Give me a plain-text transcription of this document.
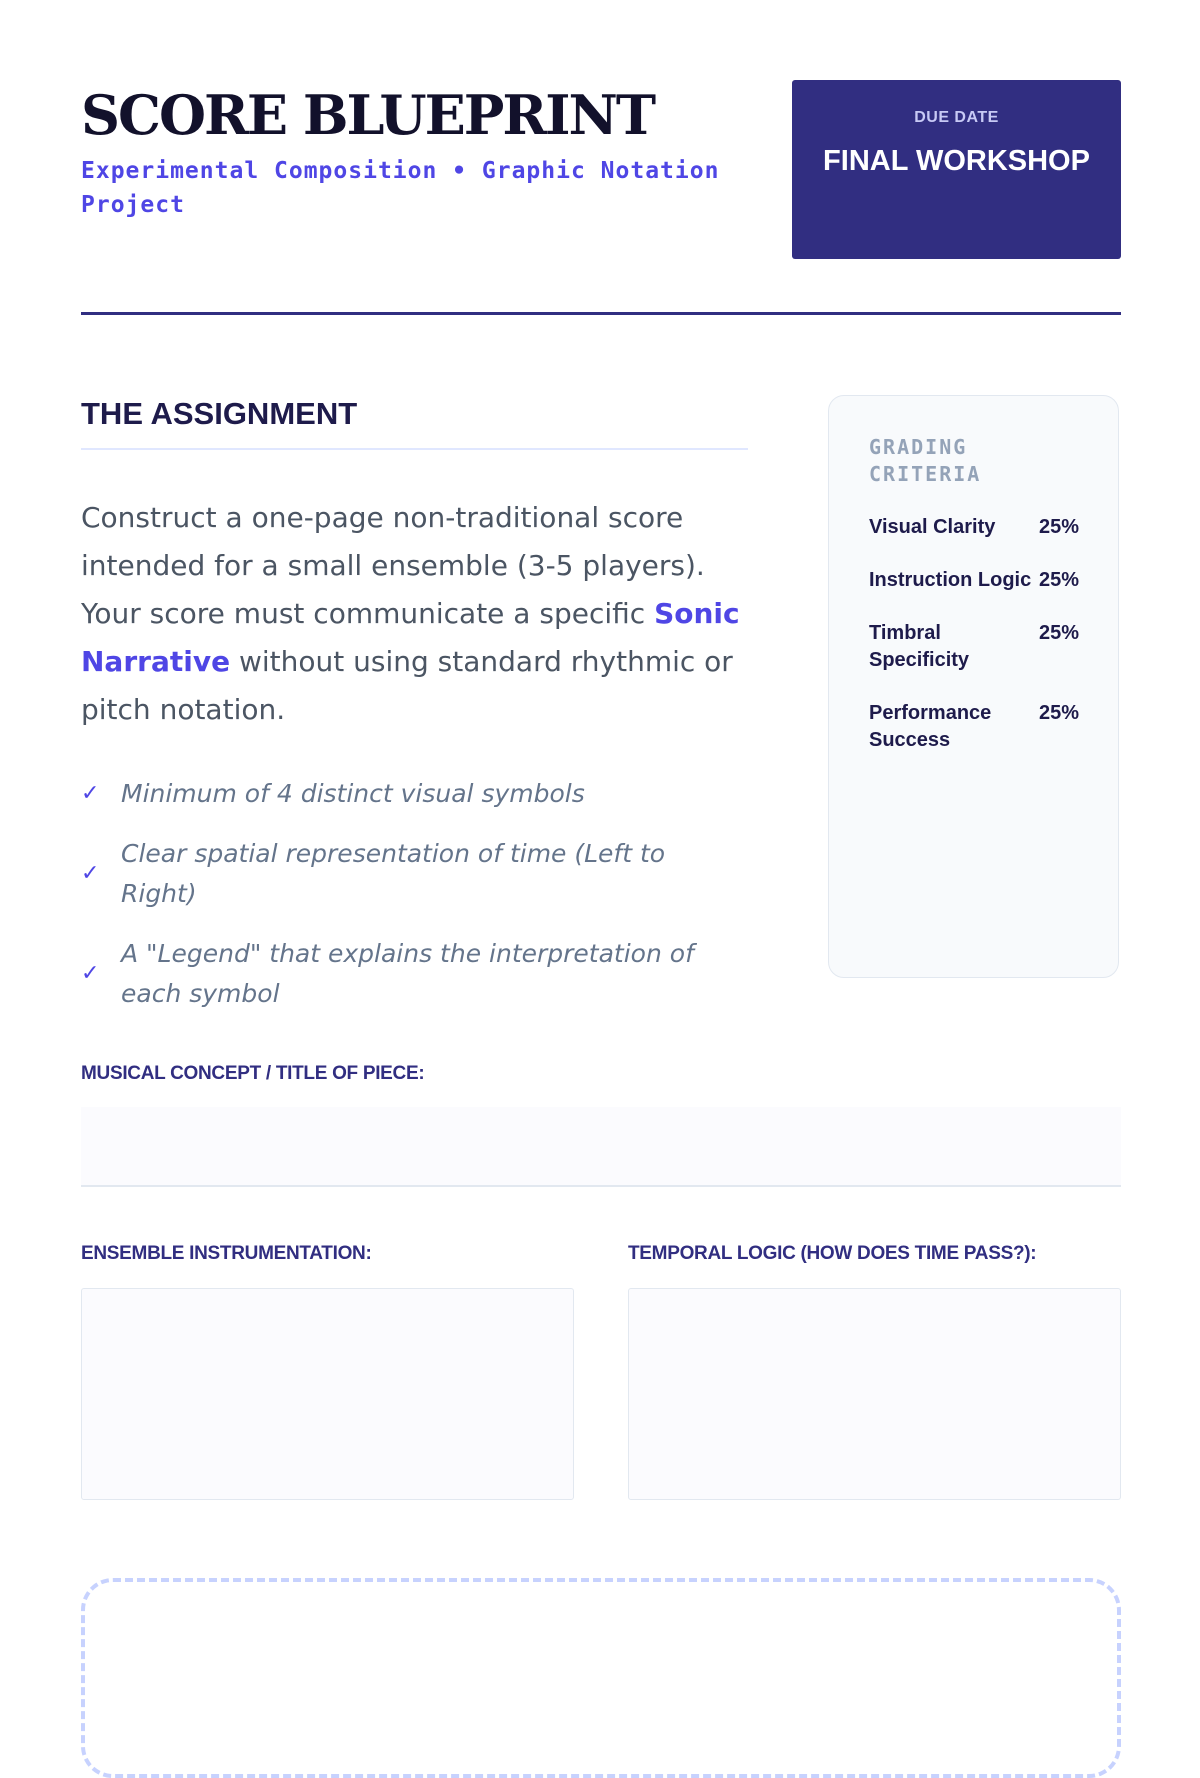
SCORE BLUEPRINT
Experimental Composition • Graphic Notation Project
DUE DATE
FINAL WORKSHOP
THE ASSIGNMENT

Construct a one-page non-traditional score intended for a small ensemble (3-5 players). Your score must communicate a specific Sonic Narrative without using standard rhythmic or pitch notation.

✓ Minimum of 4 distinct visual symbols
✓
Clear spatial representation of time (Left to Right)
✓
A "Legend" that explains the interpretation of each symbol
GRADING CRITERIA
Visual Clarity	25%
Instruction Logic 25%
Timbral Specificity
25%
Performance Success
25%
MUSICAL CONCEPT / TITLE OF PIECE:
ENSEMBLE INSTRUMENTATION:	TEMPORAL LOGIC (HOW DOES TIME PASS?):
